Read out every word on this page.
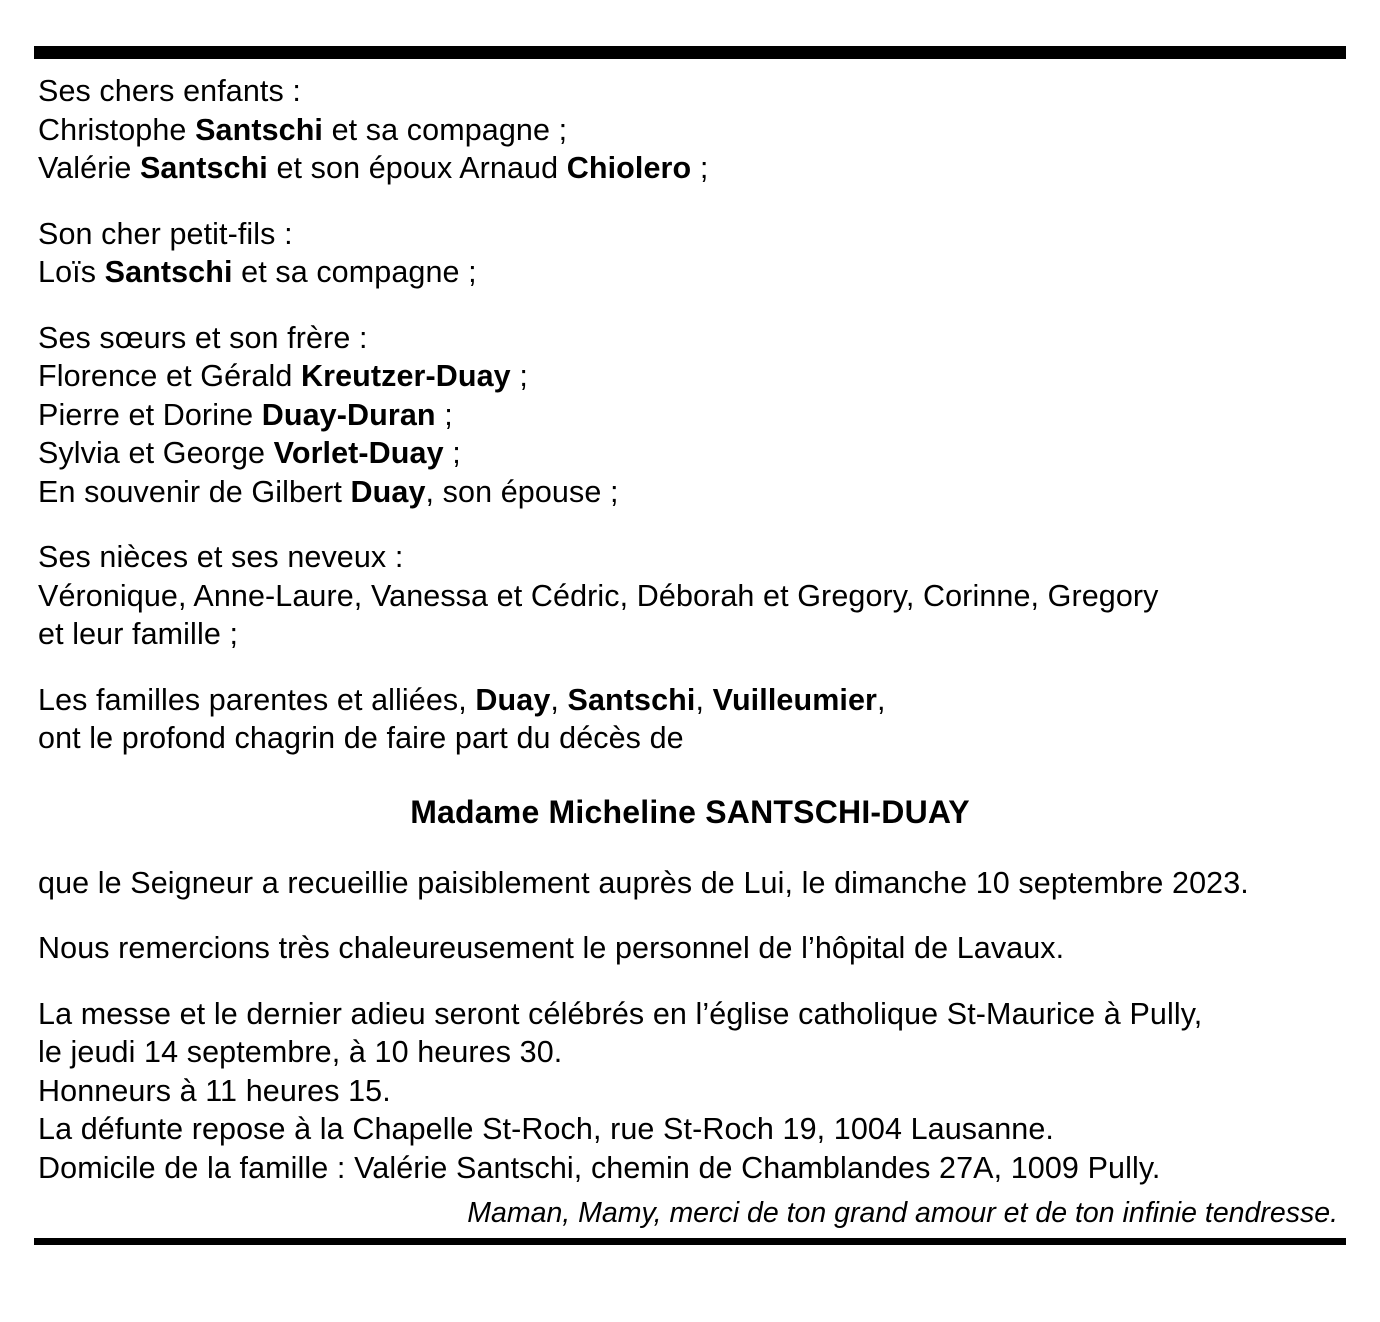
Ses chers enfants :
Christophe Santschi et sa compagne ;
Valérie Santschi et son époux Arnaud Chiolero ;
Son cher petit-fils :
Loïs Santschi et sa compagne ;
Ses sœurs et son frère :
Florence et Gérald Kreutzer-Duay ;
Pierre et Dorine Duay-Duran ;
Sylvia et George Vorlet-Duay ;
En souvenir de Gilbert Duay, son épouse ;
Ses nièces et ses neveux :
Véronique, Anne-Laure, Vanessa et Cédric, Déborah et Gregory, Corinne, Gregory
et leur famille ;
Les familles parentes et alliées, Duay, Santschi, Vuilleumier,
ont le profond chagrin de faire part du décès de
Madame Micheline SANTSCHI-DUAY
que le Seigneur a recueillie paisiblement auprès de Lui, le dimanche 10 septembre 2023.
Nous remercions très chaleureusement le personnel de l’hôpital de Lavaux.
La messe et le dernier adieu seront célébrés en l’église catholique St-Maurice à Pully,
le jeudi 14 septembre, à 10 heures 30.
Honneurs à 11 heures 15.
La défunte repose à la Chapelle St-Roch, rue St-Roch 19, 1004 Lausanne.
Domicile de la famille : Valérie Santschi, chemin de Chamblandes 27A, 1009 Pully.
Maman, Mamy, merci de ton grand amour et de ton infinie tendresse.
